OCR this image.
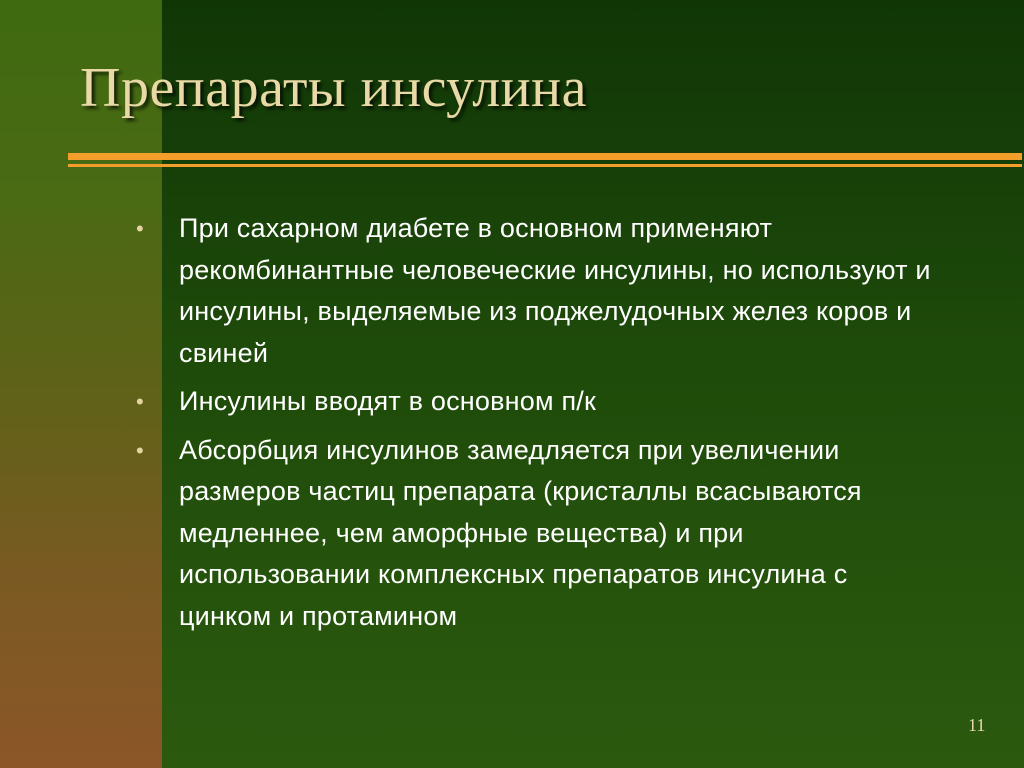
Препараты инсулина
• При сахарном диабете в основном применяют рекомбинантные человеческие инсулины, но используют и инсулины, выделяемые из поджелудочных желез коров и свиней
• Инсулины вводят в основном п/к
• Абсорбция инсулинов замедляется при увеличении размеров частиц препарата (кристаллы всасываются медленнее, чем аморфные вещества) и при использовании комплексных препаратов инсулина с цинком и протамином
11
